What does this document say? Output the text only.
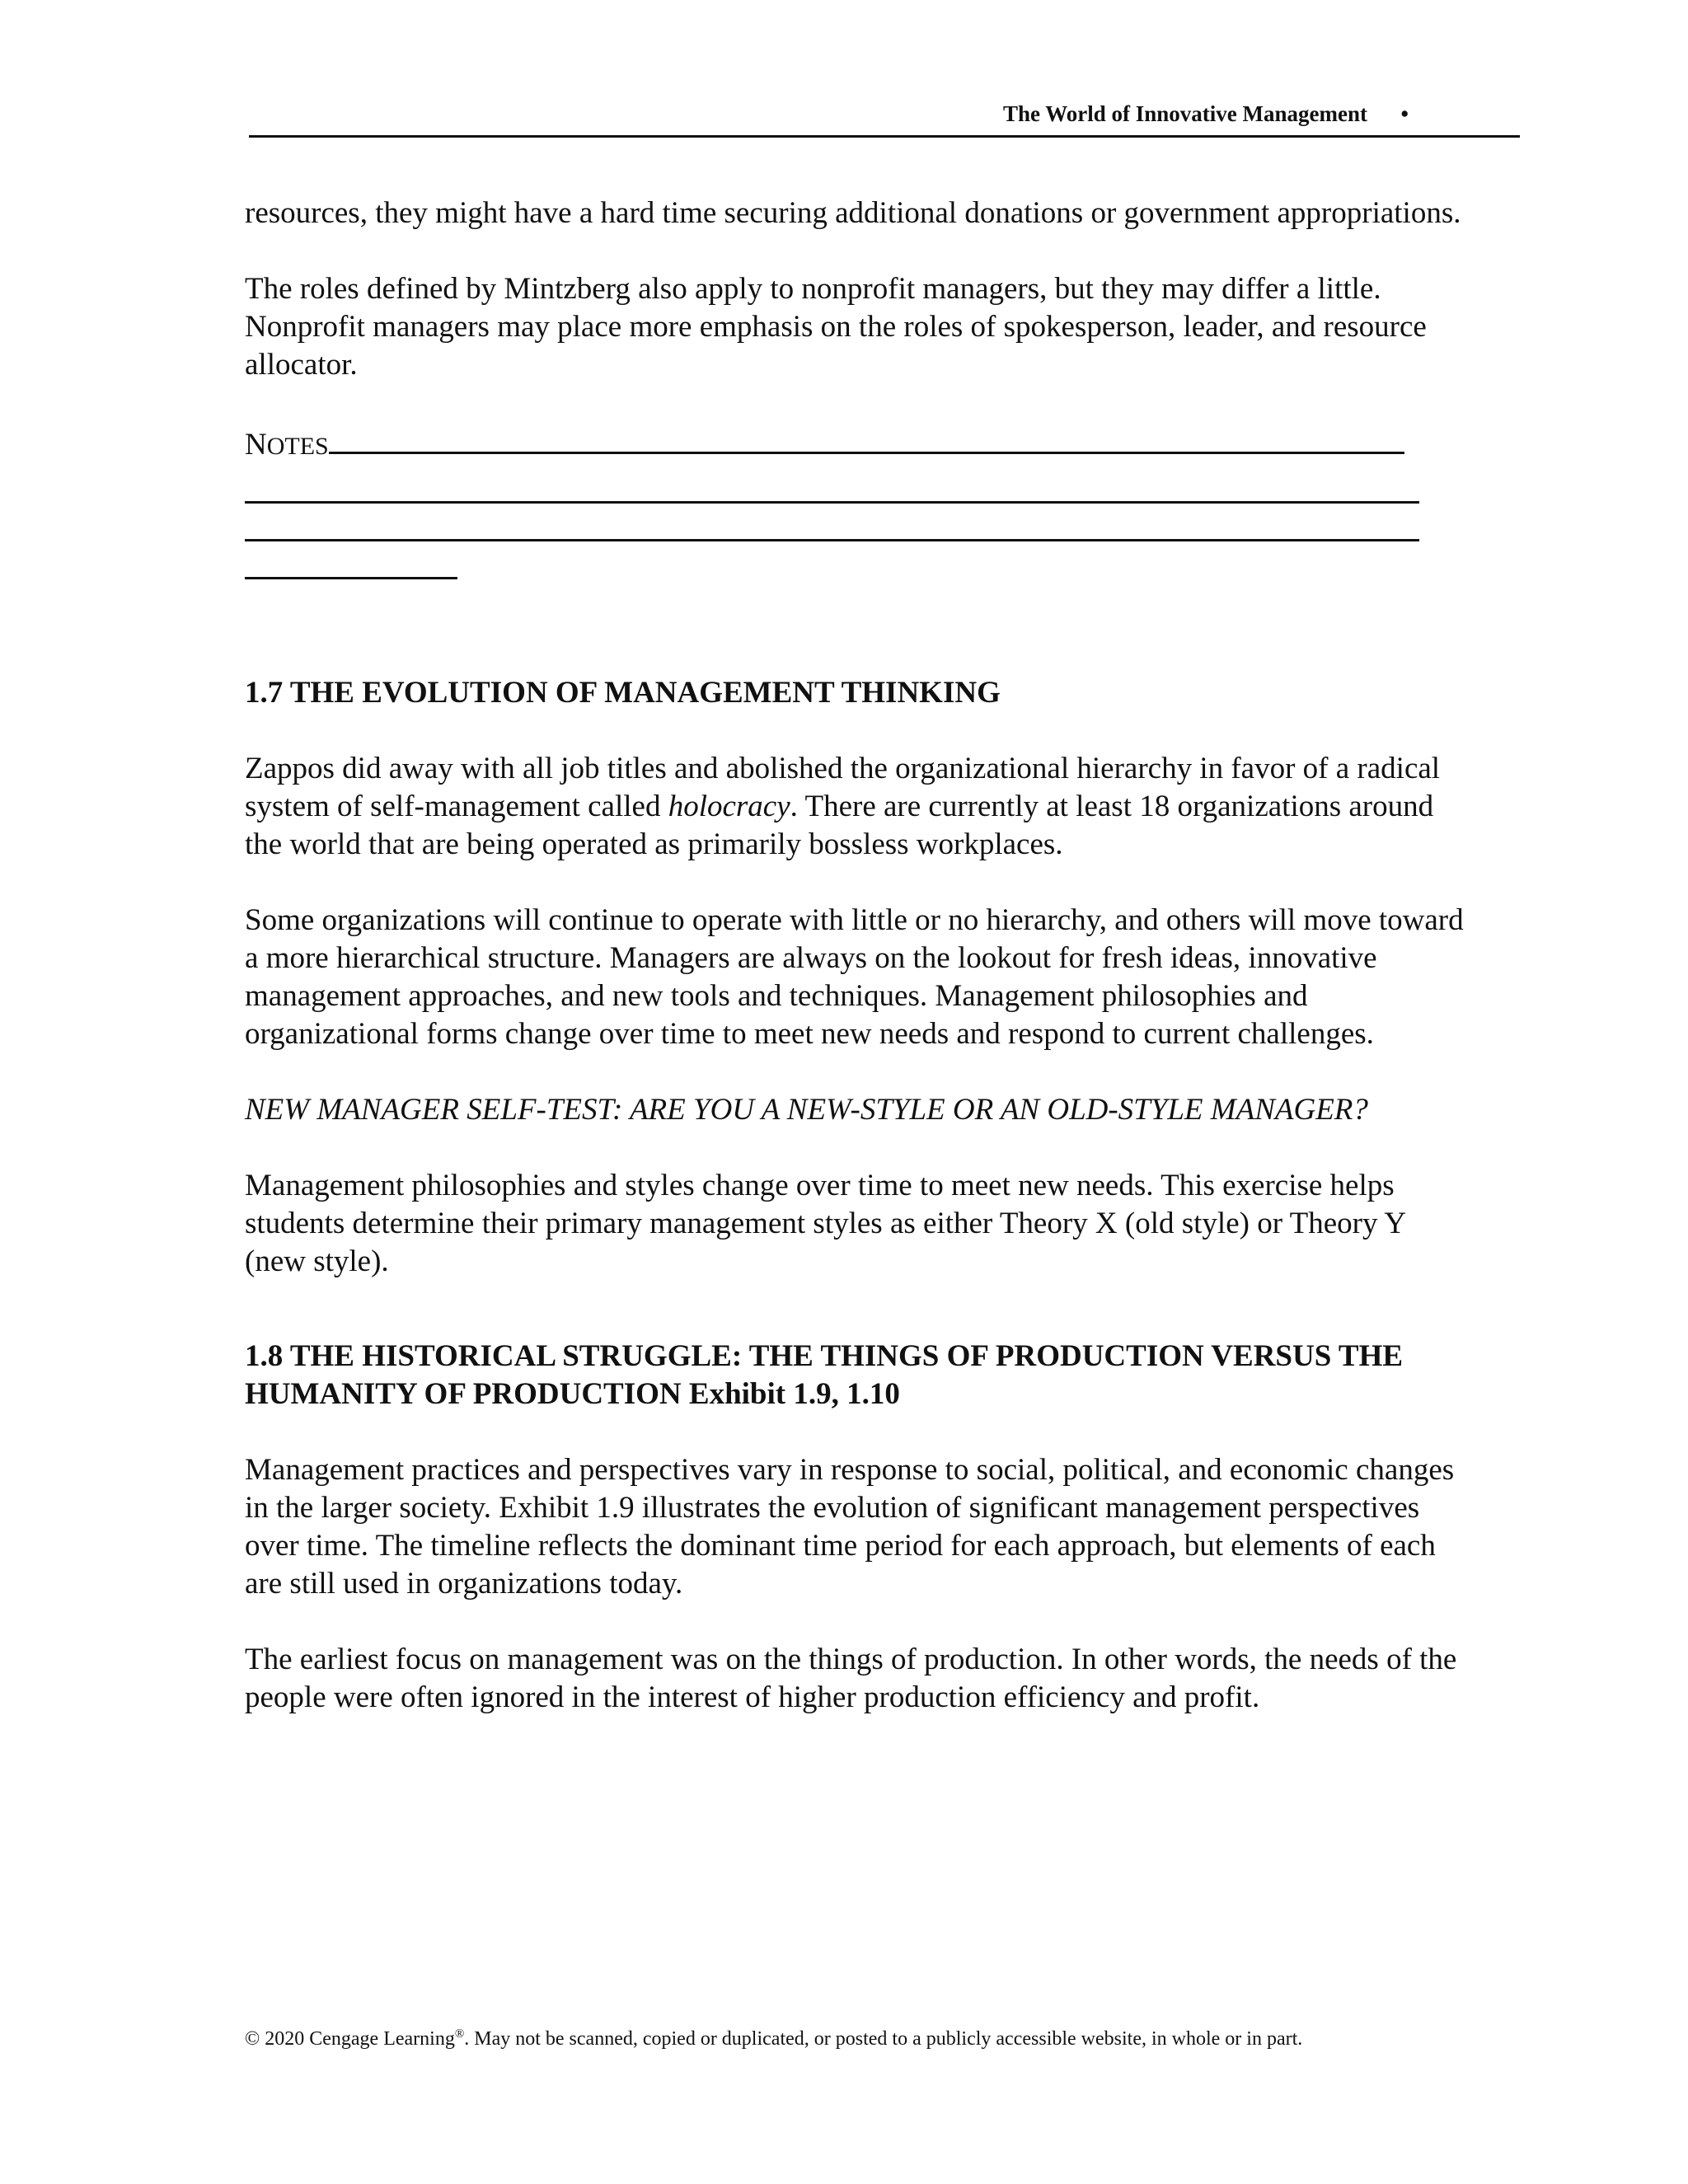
The World of Innovative Management •

resources, they might have a hard time securing additional donations or government appropriations.

The roles defined by Mintzberg also apply to nonprofit managers, but they may differ a little. Nonprofit managers may place more emphasis on the roles of spokesperson, leader, and resource allocator.

NOTES
1.7 THE EVOLUTION OF MANAGEMENT THINKING

Zappos did away with all job titles and abolished the organizational hierarchy in favor of a radical system of self-management called holocracy. There are currently at least 18 organizations around the world that are being operated as primarily bossless workplaces.

Some organizations will continue to operate with little or no hierarchy, and others will move toward a more hierarchical structure. Managers are always on the lookout for fresh ideas, innovative management approaches, and new tools and techniques. Management philosophies and organizational forms change over time to meet new needs and respond to current challenges.

NEW MANAGER SELF-TEST: ARE YOU A NEW-STYLE OR AN OLD-STYLE MANAGER?

Management philosophies and styles change over time to meet new needs. This exercise helps students determine their primary management styles as either Theory X (old style) or Theory Y (new style).

1.8 THE HISTORICAL STRUGGLE: THE THINGS OF PRODUCTION VERSUS THE HUMANITY OF PRODUCTION Exhibit 1.9, 1.10

Management practices and perspectives vary in response to social, political, and economic changes in the larger society. Exhibit 1.9 illustrates the evolution of significant management perspectives over time. The timeline reflects the dominant time period for each approach, but elements of each are still used in organizations today.

The earliest focus on management was on the things of production. In other words, the needs of the people were often ignored in the interest of higher production efficiency and profit.

© 2020 Cengage Learning®. May not be scanned, copied or duplicated, or posted to a publicly accessible website, in whole or in part.
